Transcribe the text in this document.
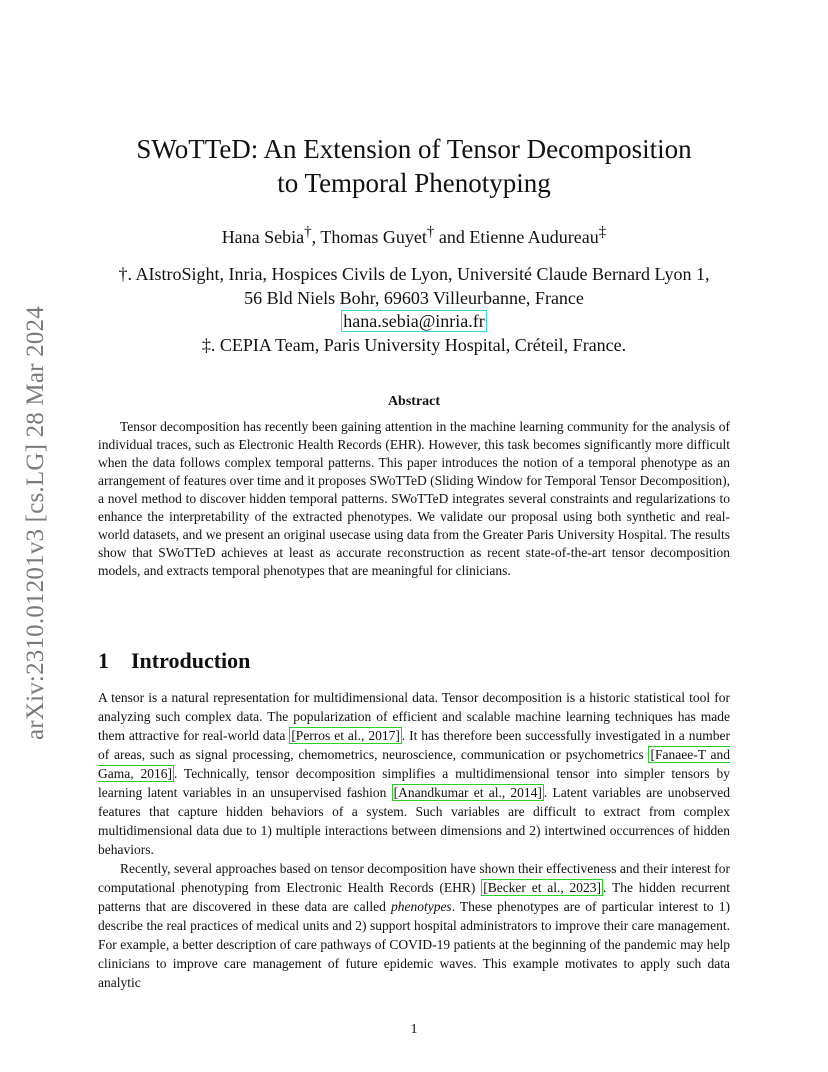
arXiv:2310.01201v3 [cs.LG] 28 Mar 2024
SWoTTeD: An Extension of Tensor Decomposition
to Temporal Phenotyping
Hana Sebia†, Thomas Guyet† and Etienne Audureau‡
†. AIstroSight, Inria, Hospices Civils de Lyon, Université Claude Bernard Lyon 1,
56 Bld Niels Bohr, 69603 Villeurbanne, France
hana.sebia@inria.fr
‡. CEPIA Team, Paris University Hospital, Créteil, France.
Abstract
Tensor decomposition has recently been gaining attention in the machine learning community for the analysis of individual traces, such as Electronic Health Records (EHR). However, this task becomes significantly more difficult when the data follows complex temporal patterns. This paper introduces the notion of a temporal phenotype as an arrangement of features over time and it proposes SWoTTeD (Sliding Window for Temporal Tensor Decomposition), a novel method to discover hidden temporal patterns. SWoTTeD integrates several constraints and regularizations to enhance the interpretability of the extracted phenotypes. We validate our proposal using both synthetic and real-world datasets, and we present an original usecase using data from the Greater Paris University Hospital. The results show that SWoTTeD achieves at least as accurate reconstruction as recent state-of-the-art tensor decomposition models, and extracts temporal phenotypes that are meaningful for clinicians.
1 Introduction

A tensor is a natural representation for multidimensional data. Tensor decomposition is a historic statistical tool for analyzing such complex data. The popularization of efficient and scalable machine learning techniques has made them attractive for real-world data [Perros et al., 2017] . It has therefore been successfully investigated in a number of areas, such as signal processing, chemometrics, neuroscience, communication or psychometrics [Fanaee-T and Gama, 2016] . Technically, tensor decomposition simplifies a multidimensional tensor into simpler tensors by learning latent variables in an unsupervised fashion [Anandkumar et al., 2014] . Latent variables are unobserved features that capture hidden behaviors of a system. Such variables are difficult to extract from complex multidimensional data due to 1) multiple interactions between dimensions and 2) intertwined occurrences of hidden behaviors.

Recently, several approaches based on tensor decomposition have shown their effectiveness and their interest for computational phenotyping from Electronic Health Records (EHR) [Becker et al., 2023] . The hidden recurrent patterns that are discovered in these data are called phenotypes. These phenotypes are of particular interest to 1) describe the real practices of medical units and 2) support hospital administrators to improve their care management. For example, a better description of care pathways of COVID-19 patients at the beginning of the pandemic may help clinicians to improve care management of future epidemic waves. This example motivates to apply such data analytic

1
